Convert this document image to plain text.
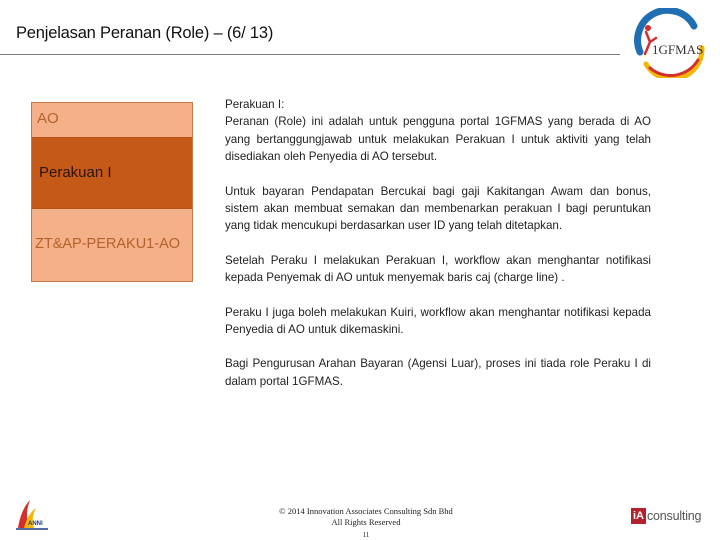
Penjelasan Peranan (Role) – (6/ 13)
1GFMAS
AO
Perakuan I
ZT&AP-PERAKU1-AO

Perakuan I:
Peranan (Role) ini adalah untuk pengguna portal 1GFMAS yang berada di AO yang bertanggungjawab untuk melakukan Perakuan I untuk aktiviti yang telah disediakan oleh Penyedia di AO tersebut.

Untuk bayaran Pendapatan Bercukai bagi gaji Kakitangan Awam dan bonus, sistem akan membuat semakan dan membenarkan perakuan I bagi peruntukan yang tidak mencukupi berdasarkan user ID yang telah ditetapkan.

Setelah Peraku I melakukan Perakuan I, workflow akan menghantar notifikasi kepada Penyemak di AO untuk menyemak baris caj (charge line) .

Peraku I juga boleh melakukan Kuiri, workflow akan menghantar notifikasi kepada Penyedia di AO untuk dikemaskini.

Bagi Pengurusan Arahan Bayaran (Agensi Luar), proses ini tiada role Peraku I di dalam portal 1GFMAS.

ANNI
© 2014 Innovation Associates Consulting Sdn Bhd
All Rights Reserved
11
iA consulting
